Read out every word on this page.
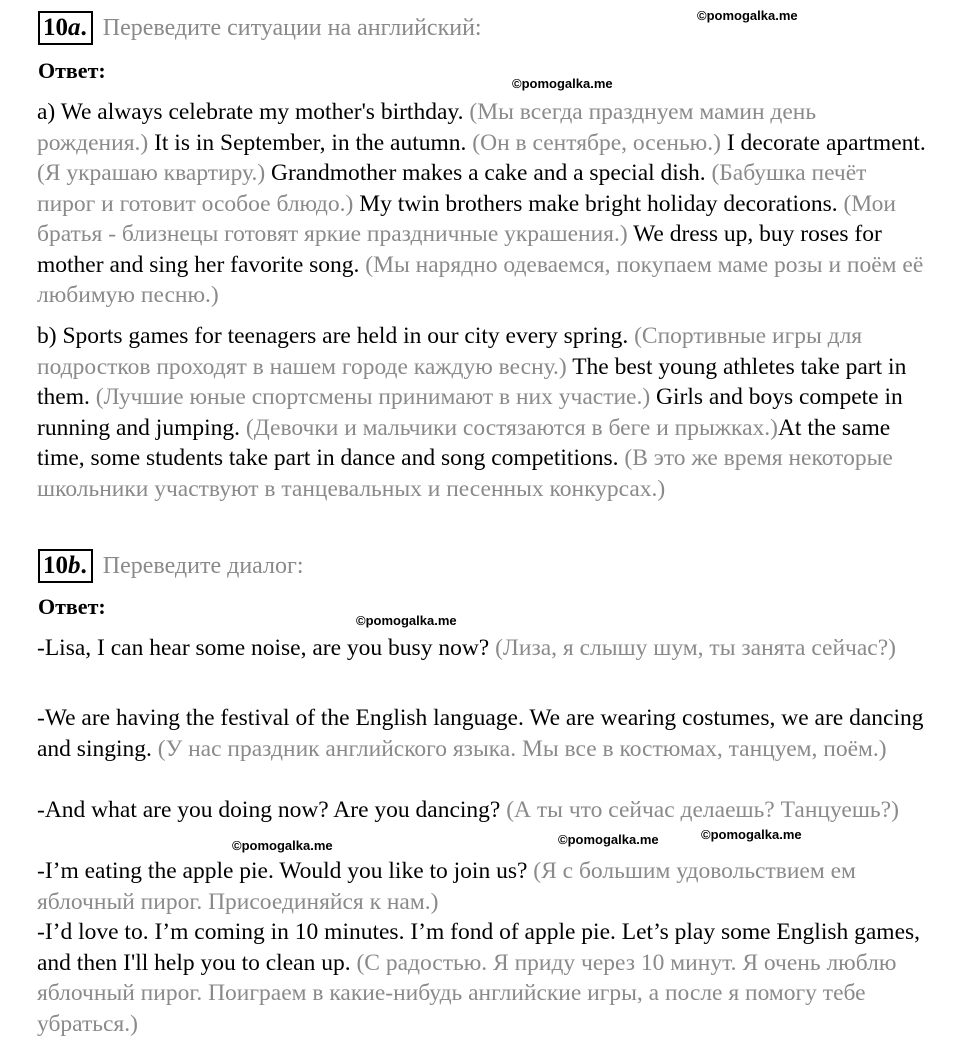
©pomogalka.me
©pomogalka.me
©pomogalka.me
©pomogalka.me	©pomogalka.me	©pomogalka.me
10a. Переведите ситуации на английский:
Ответ:

a) We always celebrate my mother's birthday. (Мы всегда празднуем мамин день рождения.) It is in September, in the autumn. (Он в сентябре, осенью.) I decorate apartment. (Я украшаю квартиру.) Grandmother makes a cake and a special dish. (Бабушка печёт пирог и готовит особое блюдо.) My twin brothers make bright holiday decorations. (Мои братья - близнецы готовят яркие праздничные украшения.) We dress up, buy roses for mother and sing her favorite song. (Мы нарядно одеваемся, покупаем маме розы и поём её любимую песню.)

b) Sports games for teenagers are held in our city every spring. (Спортивные игры для подростков проходят в нашем городе каждую весну.) The best young athletes take part in them. (Лучшие юные спортсмены принимают в них участие.) Girls and boys compete in running and jumping. (Девочки и мальчики состязаются в беге и прыжках.)At the same time, some students take part in dance and song competitions. (В это же время некоторые школьники участвуют в танцевальных и песенных конкурсах.)

10b. Переведите диалог:
Ответ:

-Lisa, I can hear some noise, are you busy now? (Лиза, я слышу шум, ты занята сейчас?)

-We are having the festival of the English language. We are wearing costumes, we are dancing and singing. (У нас праздник английского языка. Мы все в костюмах, танцуем, поём.)

-And what are you doing now? Are you dancing? (А ты что сейчас делаешь? Танцуешь?)

-I’m eating the apple pie. Would you like to join us? (Я с большим удовольствием ем яблочный пирог. Присоединяйся к нам.)

-I’d love to. I’m coming in 10 minutes. I’m fond of apple pie. Let’s play some English games, and then I'll help you to clean up. (С радостью. Я приду через 10 минут. Я очень люблю яблочный пирог. Поиграем в какие-нибудь английские игры, а после я помогу тебе убраться.)
